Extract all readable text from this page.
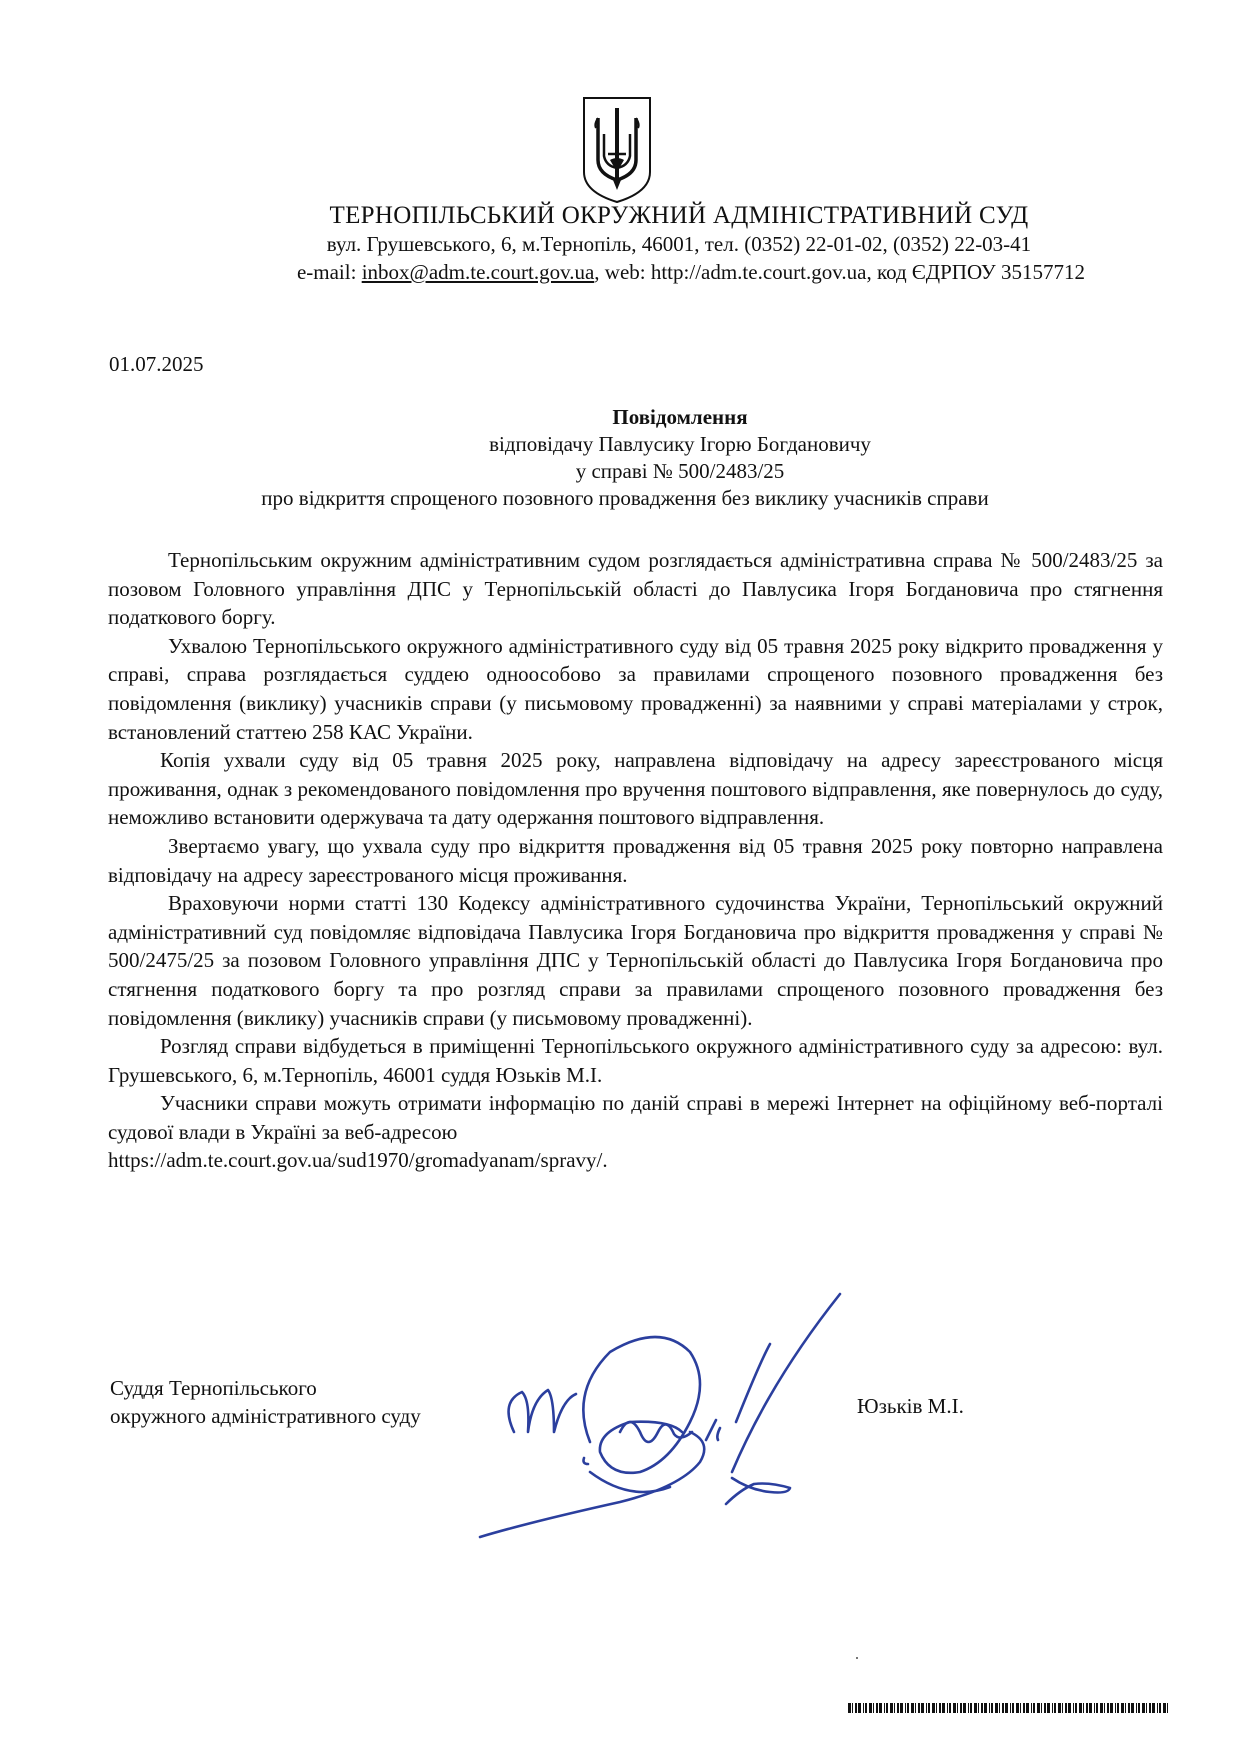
ТЕРНОПІЛЬСЬКИЙ ОКРУЖНИЙ АДМІНІСТРАТИВНИЙ СУД
вул. Грушевського, 6, м.Тернопіль, 46001, тел. (0352) 22-01-02, (0352) 22-03-41
e-mail: inbox@adm.te.court.gov.ua, web: http://adm.te.court.gov.ua, код ЄДРПОУ 35157712
01.07.2025
Повідомлення
відповідачу Павлусику Ігорю Богдановичу
у справі № 500/2483/25
про відкриття спрощеного позовного провадження без виклику учасників справи

Тернопільським окружним адміністративним судом розглядається адміністративна справа № 500/2483/25 за позовом Головного управління ДПС у Тернопільській області до Павлусика Ігоря Богдановича про стягнення податкового боргу.

Ухвалою Тернопільського окружного адміністративного суду від 05 травня 2025 року відкрито провадження у справі, справа розглядається суддею одноособово за правилами спрощеного позовного провадження без повідомлення (виклику) учасників справи (у письмовому провадженні) за наявними у справі матеріалами у строк, встановлений статтею 258 КАС України.

Копія ухвали суду від 05 травня 2025 року, направлена відповідачу на адресу зареєстрованого місця проживання, однак з рекомендованого повідомлення про вручення поштового відправлення, яке повернулось до суду, неможливо встановити одержувача та дату одержання поштового відправлення.

Звертаємо увагу, що ухвала суду про відкриття провадження від 05 травня 2025 року повторно направлена відповідачу на адресу зареєстрованого місця проживання.

Враховуючи норми статті 130 Кодексу адміністративного судочинства України, Тернопільський окружний адміністративний суд повідомляє відповідача Павлусика Ігоря Богдановича про відкриття провадження у справі № 500/2475/25 за позовом Головного управління ДПС у Тернопільській області до Павлусика Ігоря Богдановича про стягнення податкового боргу та про розгляд справи за правилами спрощеного позовного провадження без повідомлення (виклику) учасників справи (у письмовому провадженні).

Розгляд справи відбудеться в приміщенні Тернопільського окружного адміністративного суду за адресою: вул. Грушевського, 6, м.Тернопіль, 46001 суддя Юзьків М.І.

Учасники справи можуть отримати інформацію по даній справі в мережі Інтернет на офіційному веб-порталі судової влади в Україні за веб-адресою

https://adm.te.court.gov.ua/sud1970/gromadyanam/spravy/.

Суддя Тернопільського
окружного адміністративного суду	Юзьків М.І.
